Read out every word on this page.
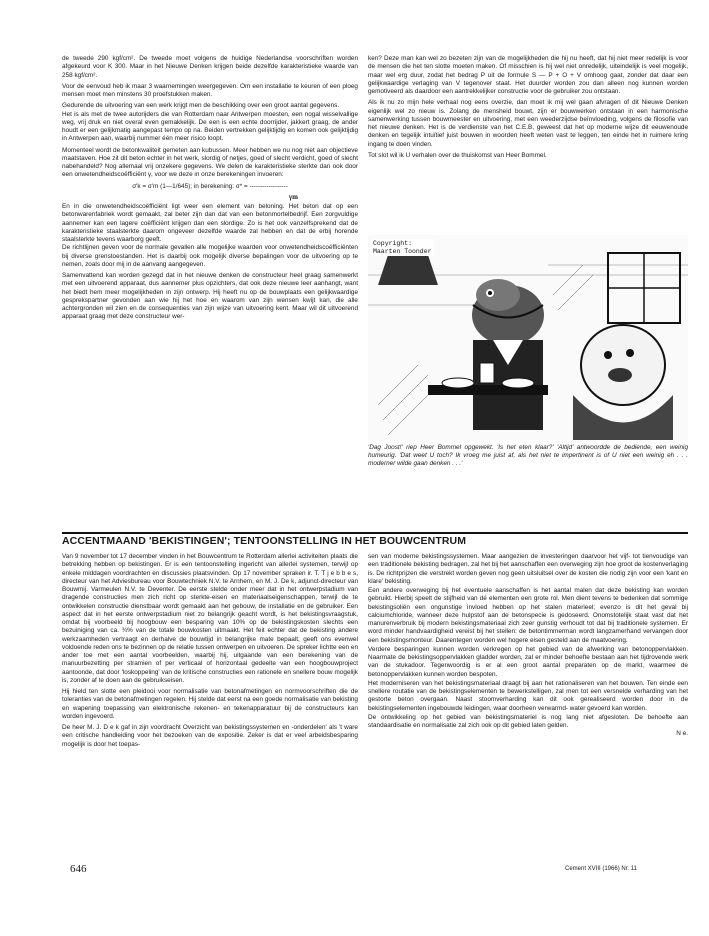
de tweede 290 kgf/cm². De tweede moet volgens de huidige Nederlandse voorschriften worden afgekeurd voor K 300. Maar in het Nieuwe Denken krijgen beide dezelfde karakteristieke waarde van 258 kgf/cm².

Voor de eenvoud heb ik maar 3 waarnemingen weergegeven. Om een installatie te keuren of een ploeg mensen moet men minstens 30 proefstukken maken.

Gedurende de uitvoering van een werk krijgt men de beschikking over een groot aantal gegevens.

Het is als met de twee autorijders die van Rotterdam naar Antwerpen moesten, een nogal wisselvallige weg, vrij druk en niet overal even gemakkelijk. De een is een echte doorrijder, jakkert graag, de ander houdt er een gelijkmatig aangepast tempo op na. Beiden vertrekken gelijktijdig en komen ook gelijktijdig in Antwerpen aan, waarbij nummer één meer risico loopt.

Momenteel wordt de betonkwaliteit gemeten aan kubussen. Meer hebben we nu nog niet aan objectieve maatstaven. Hoe zit dit beton echter in het werk, slordig of netjes, goed of slecht verdicht, goed of slecht nabehandeld? Nog allemaal vrij onzekere gegevens. We delen de karakteristieke sterkte dan ook door een onwetendheidscoëfficiënt γ, voor we deze in onze berekeningen invoeren:

σ'k = σ'm (1—1/645); in berekening: σ* = ------------------
γm

En in die onwetendheidscoëfficiënt ligt weer een element van beloning. Het beton dat op een betonwarenfabriek wordt gemaakt, zal beter zijn dan dat van een betonmortelbedrijf. Een zorgvuldige aannemer kan een lagere coëfficiënt krijgen dan een slordige. Zo is het ook vanzelfsprekend dat de karakteristieke staalsterkte daarom ongeveer dezelfde waarde zal hebben en dat de erbij horende staalsterkte tevens waarborg geeft.

De richtlijnen geven voor de normale gevallen alle mogelijke waarden voor onwetendheidscoëfficiënten bij diverse grenstoestanden. Het is daarbij ook mogelijk diverse bepalingen voor de uitvoering op te nemen, zoals door mij in de aanvang aangegeven.

Samenvattend kan worden gezegd dat in het nieuwe denken de constructeur heel graag samenwerkt met een uitvoerend apparaat, dus aannemer plus opzichters, dat ook deze nieuwe leer aanhangt, want het biedt hem meer mogelijkheden in zijn ontwerp. Hij heeft nu op de bouwplaats een gelijkwaardige gesprekspartner gevonden aan wie hij het hoe en waarom van zijn wensen kwijt kan, die alle achtergronden wil zien en de consequenties van zijn wijze van uitvoering kent. Maar wil dit uitvoerend apparaat graag met deze constructeur wer-

ken? Deze man kan wel zo bezeten zijn van de mogelijkheden die hij nu heeft, dat hij niet meer redelijk is voor de mensen die het ten slotte moeten maken. Of misschien is hij wel niet onredelijk, uiteindelijk is veel mogelijk, maar wel erg duur, zodat het bedrag P uit de formule S — P + O + V omhoog gaat, zonder dat daar een gelijkwaardige verlaging van V tegenover staat. Het duurder worden zou dan alleen nog kunnen worden gemotiveerd als daardoor een aantrekkelijker constructie voor de gebruiker zou ontstaan.

Als ik nu zo mijn hele verhaal nog eens overzie, dan moet ik mij wel gaan afvragen of dit Nieuwe Denken eigenlijk wel zo nieuw is. Zolang de mensheid bouwt, zijn er bouwwerken ontstaan in een harmonische samenwerking tussen bouwmeester en uitvoering, met een weederzijdse beïnvloeding, volgens de filosofie van het nieuwe denken. Het is de verdienste van het C.E.B, geweest dat het op moderne wijze dit eeuwenoude denken en tegelijk intuïtief juist bouwen in woorden heeft weten vast te leggen, ten einde het in ruimere kring ingang te doen vinden.

Tot slot wil ik U verhalen over de thuiskomst van Heer Bommel.

Copyright:
Maarten Toonder
'Dag Joost!' riep Heer Bommel opgewekt. 'Is het eten klaar?' 'Altijd' antwoordde de bediende, een weinig humeurig. 'Dat weet U toch? Ik vroeg me juist af, als het niet te impertinent is of U niet een weinig eh . . . moderner wilde gaan denken . . .'
ACCENTMAAND 'BEKISTINGEN'; TENTOONSTELLING IN HET BOUWCENTRUM

Van 9 november tot 17 december vinden in het Bouwcentrum te Rotterdam allerlei activiteiten plaats die betrekking hebben op bekistingen. Er is een tentoonstelling ingericht van allerlei systemen, terwijl op enkele middagen voordrachten en discussies plaatsvinden. Op 17 november spraken ir. T. T j e b b e s, directeur van het Adviesbureau voor Bouwtechniek N.V. te Arnhem, en M. J. De k, adjunct-directeur van Bouwmij. Varmeulen N.V. te Deventer. De eerste stelde onder meer dat in het ontwerpstadium van dragende constructies men zich richt op sterkte-eisen en materiaalseigenschappen, terwijl de te ontwikkelen constructie dienstbaar wordt gemaakt aan het gebouw, de installatie en de gebruiker. Een aspect dat in het eerste ontwerpstadium niet zo belangrijk geacht wordt, is het bekistingsvraagstuk, omdat bij voorbeeld bij hoogbouw een besparing van 10% op de bekistingskosten slechts een bezuiniging van ca. ¾% van de totale bouwkosten uitmaakt. Het feit echter dat de bekisting andere werkzaamheden vertraagt en derhalve de bouwtijd in belangrijke mate bepaalt, geeft ons evenwel voldoende reden ons te bezinnen op de relatie tussen ontwerpen en uitvoeren. De spreker lichtte een en ander toe met een aantal voorbeelden, waarbij hij, uitgaande van een berekening van de manuurbezetting per stramien of per verticaal of horizontaal gedeelte van een hoogbouwproject aantoonde, dat door 'loskoppeling' van de kritische constructies een rationele en snellere bouw mogelijk is, zonder af te doen aan de gebruikseisen.

Hij hield ten slotte een pleidooi voor normalisatie van betonafmetingen en normvoorschriften die de toleranties van de betonafmetingen regelen. Hij stelde dat eerst na een goede normalisatie van bekisting en wapening toepassing van elektronische rekenen- en tekenapparatuur bij de constructeurs kan worden ingevoerd.

De heer M. J. D e k gaf in zijn voordracht Overzicht van bekistingssystemen en -onderdelen' als 't ware een critische handleiding voor het bezoeken van de expositie. Zeker is dat er veel arbeidsbesparing mogelijk is door het toepas-

sen van moderne bekistingssystemen. Maar aangezien de investeringen daarvoor het vijf- tot tienvoudige van een traditionele bekisting bedragen, zal het bij het aanschaffen een overweging zijn hoe groot de kostenverlaging is. De richtprijzen die verstrekt worden geven nog geen uitsluitsel over de kosten die nodig zijn voor een 'kant en klare' bekisting.

Een andere overweging bij het eventuele aanschaffen is het aantal malen dat deze bekisting kan worden gebruikt. Hierbij speelt de stijfheid van dé elementen een grote rol. Men dient tevens te bedenken dat sommige bekistingsoliën een ongunstige invloed hebben op het stalen materieel; evenzo is dit het geval bij calciumchloride, wanneer deze hulpstof aan de betonspecie is gedoseerd. Onomstotelijk staat vast dat het manurenverbruik bij modern bekistingsmateriaal zich zeer gunstig verhoudt tot dat bij traditionele systemen. Er word minder handvaardigheid vereist bij het stellen: de betontimmerman wordt langzamerhand vervangen door een bekistingsmonteur. Daarentegen worden wel hogere eisen gesteld aan de maatvoering.

Verdere besparingen kunnen worden verkregen op het gebied van de afwerking van betonoppervlakken. Naarmate de bekistingsoppervlakken gladder worden, zal er minder behoefte bestaan aan het tijdrovende werk van de stukadoor. Tegenwoordig is er al een groot aantal preparaten op de markt, waarmee de betonoppervlakken kunnen worden bespoten.

Het moderniseren van het bekistingsmateriaal draagt bij aan het rationaliseren van het bouwen. Ten einde een snellere routatie van de bekistingselementen te bewerkstelligen, zal men tot een versnelde verharding van het gestorte beton overgaan. Naast stoomverharding kan dit ook gerealiseerd worden door in de bekistingselementen ingebouwde leidingen, waar doorheen verwarmd- water gevoerd kan worden.

De ontwikkeling op het gebied van bekistingsmateriel is nog lang niet afgesloten. De behoefte aan standaardisatie en normalisatie zal zich ook op dit gebied laten gelden.

N e.
646	Cement XVIII (1966) Nr. 11
